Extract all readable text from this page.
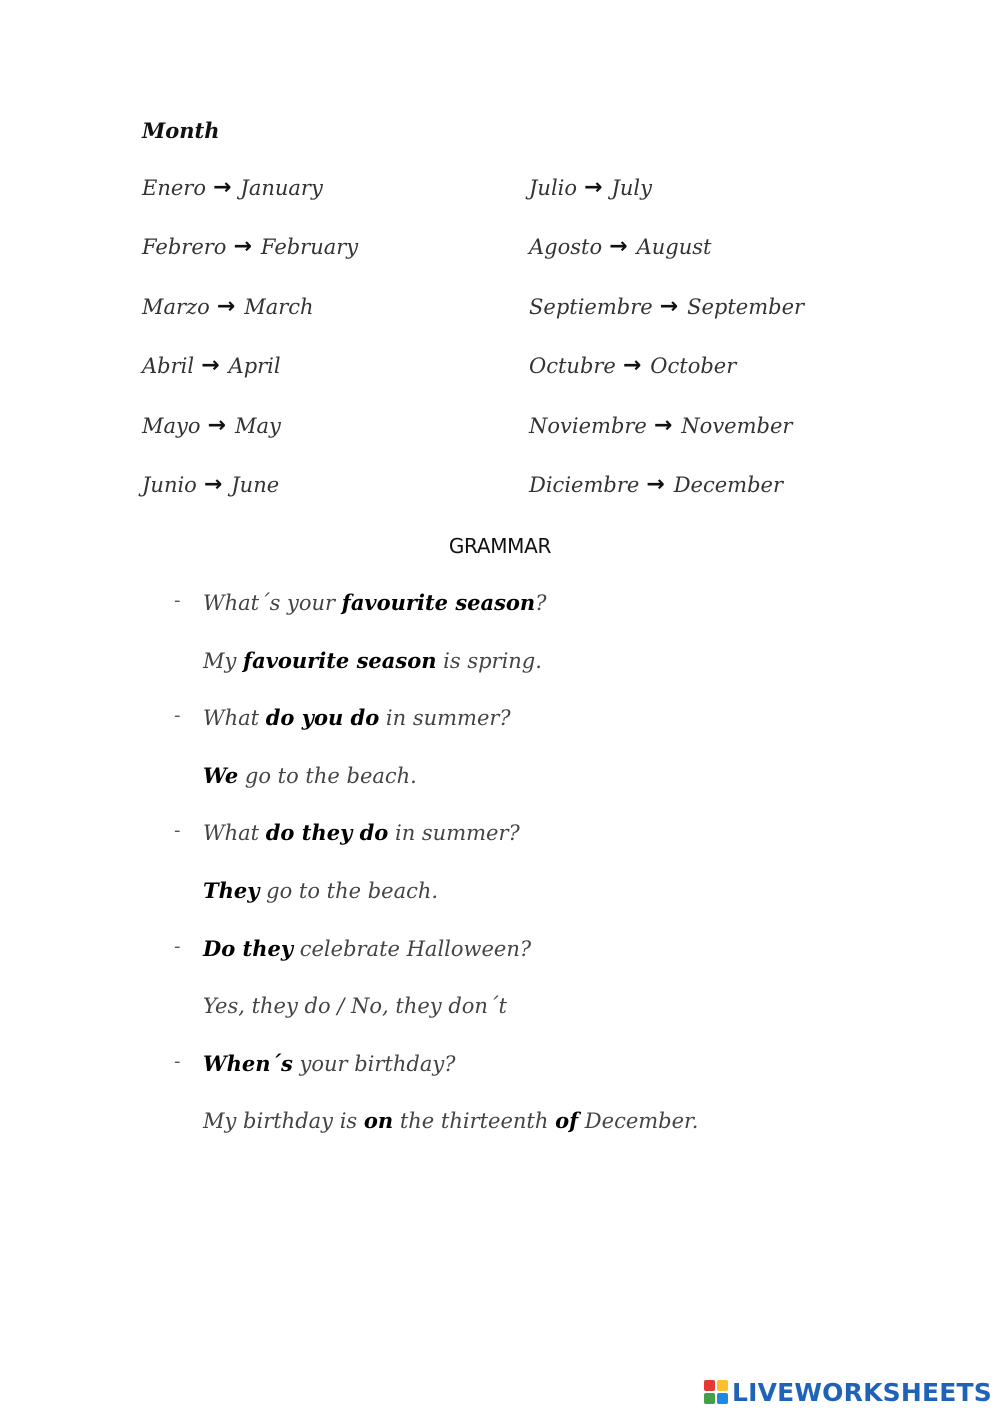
Month
Enero → January
Febrero → February
Marzo → March
Abril → April
Mayo → May
Junio → June
Julio → July
Agosto → August
Septiembre → September
Octubre → October
Noviembre → November
Diciembre → December
GRAMMAR
- What´s your favourite season?
My favourite season is spring.
- What do you do in summer?
We go to the beach.
- What do they do in summer?
They go to the beach.
- Do they celebrate Halloween?
Yes, they do / No, they don´t
- When´s your birthday?
My birthday is on the thirteenth of December.
LIVEWORKSHEETS
